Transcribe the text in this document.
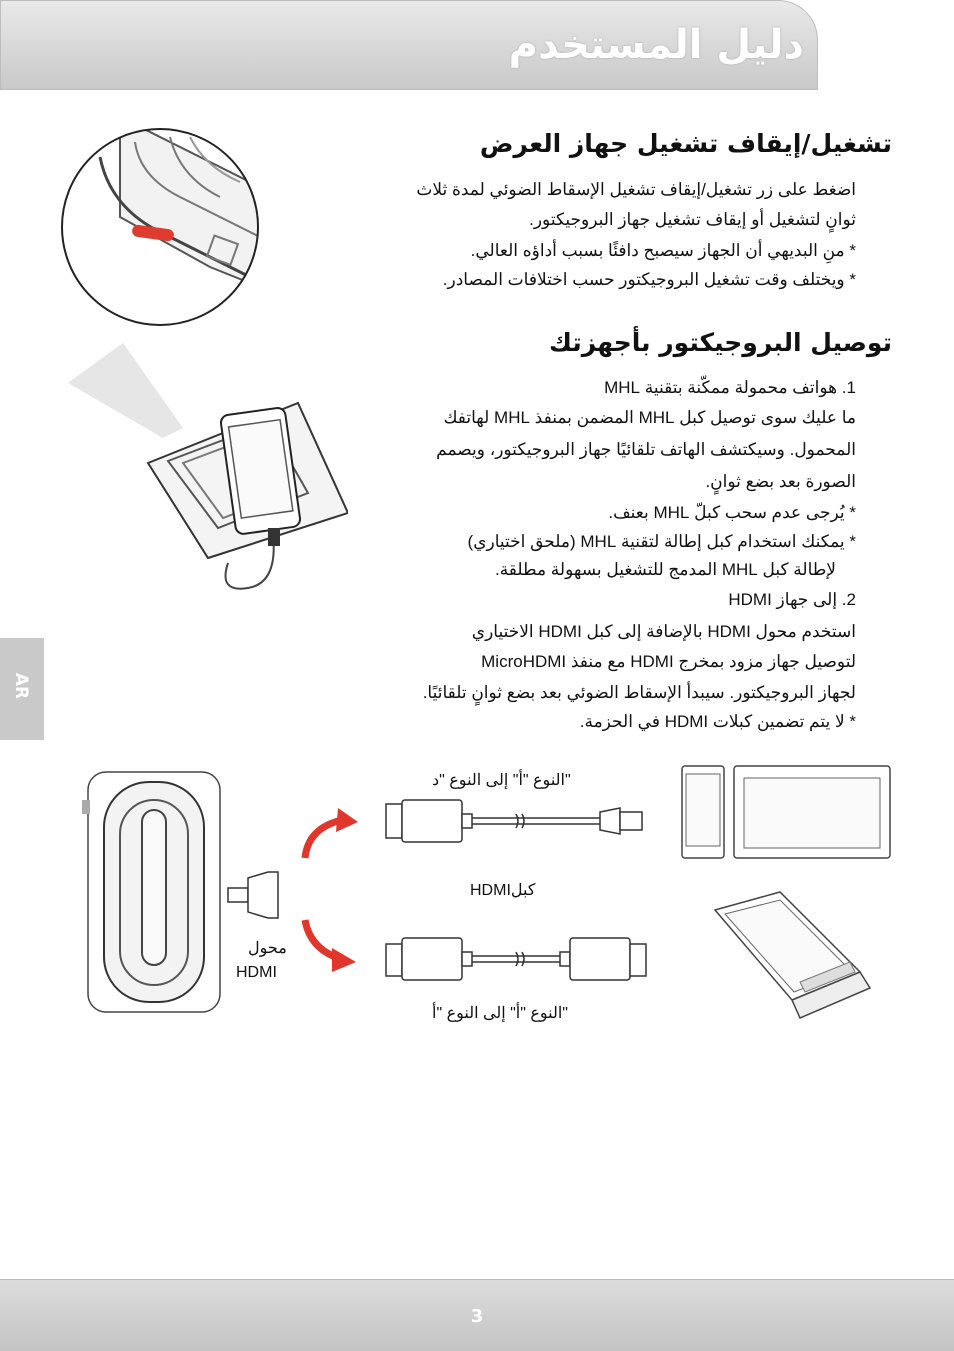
دليل المستخدم
AR
تشغيل/إيقاف تشغيل جهاز العرض
اضغط على زر تشغيل/إيقاف تشغيل الإسقاط الضوئي لمدة ثلاث
ثوانٍ لتشغيل أو إيقاف تشغيل جهاز البروجيكتور.
* منِ البديهي أن الجهاز سيصبح دافئًا بسبب أداؤه العالي.
* ويختلف وقت تشغيل البروجيكتور حسب اختلافات المصادر.
توصيل البروجيكتور بأجهزتك
1. هواتف محمولة ممكّنة بتقنية MHL
ما عليك سوى توصيل كبل MHL المضمن بمنفذ MHL لهاتفك
المحمول. وسيكتشف الهاتف تلقائيًا جهاز البروجيكتور، ويصمم
الصورة بعد بضع ثوانٍ.
* يُرجى عدم سحب كبلّ MHL بعنف.
* يمكنك استخدام كبل إطالة لتقنية MHL (ملحق اختياري)
لإطالة كبل MHL المدمج للتشغيل بسهولة مطلقة.
2. إلى جهاز HDMI
استخدم محول HDMI بالإضافة إلى كبل HDMI الاختياري
لتوصيل جهاز مزود بمخرج HDMI مع منفذ MicroHDMI
لجهاز البروجيكتور. سيبدأ الإسقاط الضوئي بعد بضع ثوانٍ تلقائيًا.
* لا يتم تضمين كبلات HDMI في الحزمة.
"النوع "أ" إلى النوع "د
HDMIكبل
"النوع "أ" إلى النوع "أ
محول
HDMI
3
